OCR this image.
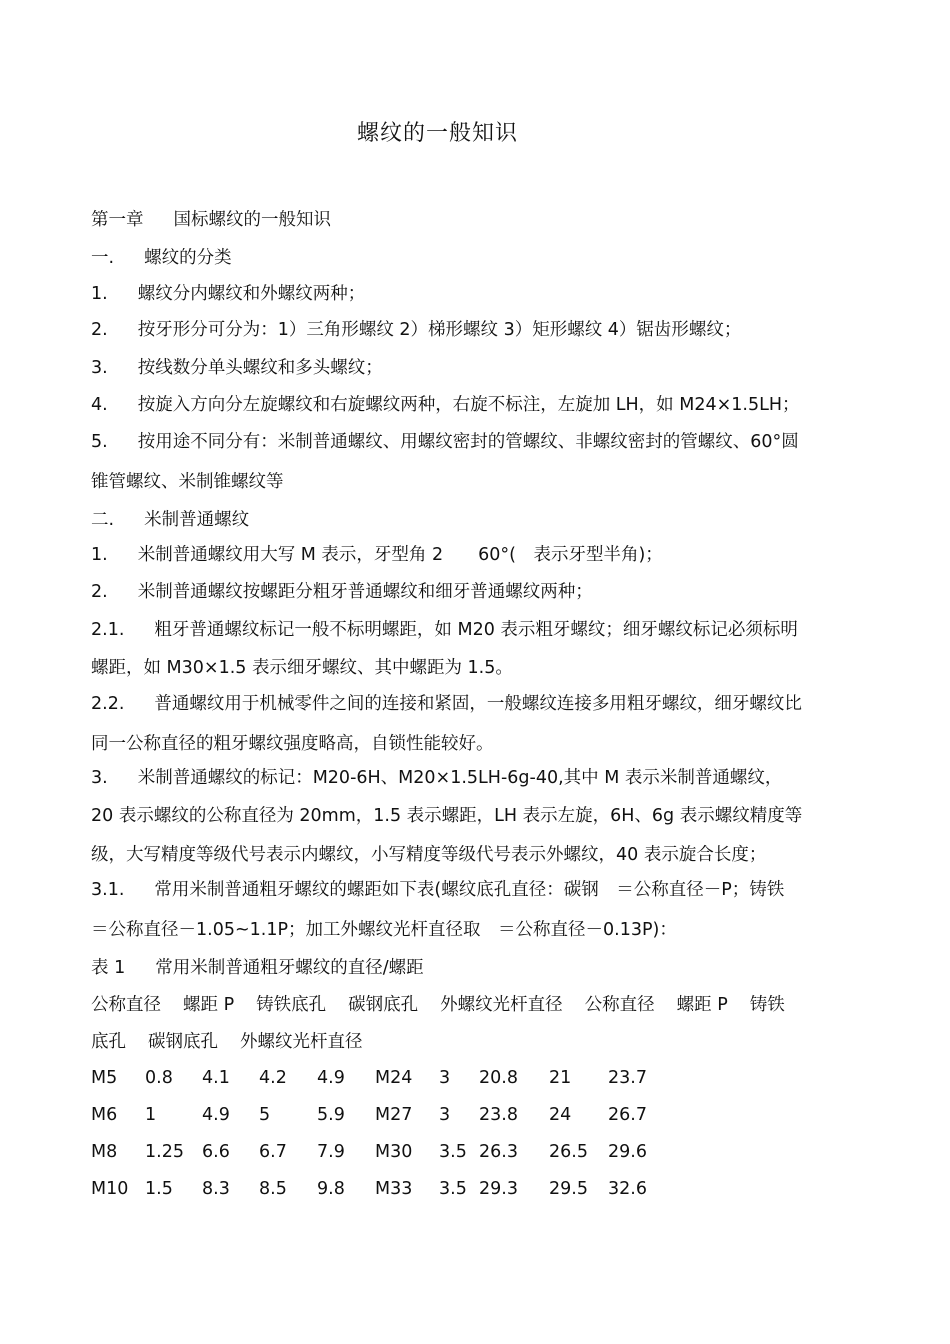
螺纹的一般知识
第一章 国标螺纹的一般知识
一. 螺纹的分类
1. 螺纹分内螺纹和外螺纹两种；
2. 按牙形分可分为：1）三角形螺纹 2）梯形螺纹 3）矩形螺纹 4）锯齿形螺纹；
3. 按线数分单头螺纹和多头螺纹；
4. 按旋入方向分左旋螺纹和右旋螺纹两种，右旋不标注，左旋加 LH，如 M24×1.5LH；
5. 按用途不同分有：米制普通螺纹、用螺纹密封的管螺纹、非螺纹密封的管螺纹、60°圆
锥管螺纹、米制锥螺纹等
二. 米制普通螺纹
1. 米制普通螺纹用大写 M 表示，牙型角 2　　60°(　表示牙型半角)；
2. 米制普通螺纹按螺距分粗牙普通螺纹和细牙普通螺纹两种；
2.1. 粗牙普通螺纹标记一般不标明螺距，如 M20 表示粗牙螺纹；细牙螺纹标记必须标明
螺距，如 M30×1.5 表示细牙螺纹、其中螺距为 1.5。
2.2. 普通螺纹用于机械零件之间的连接和紧固，一般螺纹连接多用粗牙螺纹，细牙螺纹比
同一公称直径的粗牙螺纹强度略高，自锁性能较好。
3. 米制普通螺纹的标记：M20-6H、M20×1.5LH-6g-40,其中 M 表示米制普通螺纹，
20 表示螺纹的公称直径为 20mm，1.5 表示螺距，LH 表示左旋，6H、6g 表示螺纹精度等
级，大写精度等级代号表示内螺纹，小写精度等级代号表示外螺纹，40 表示旋合长度；
3.1. 常用米制普通粗牙螺纹的螺距如下表(螺纹底孔直径：碳钢　＝公称直径－P；铸铁
＝公称直径－1.05~1.1P；加工外螺纹光杆直径取　＝公称直径－0.13P)：
表 1 常用米制普通粗牙螺纹的直径/螺距
公称直径 螺距 P 铸铁底孔 碳钢底孔 外螺纹光杆直径 公称直径 螺距 P 铸铁
底孔 碳钢底孔 外螺纹光杆直径
M5 0.8 4.1 4.2 4.9 M24 3 20.8 21 23.7
M6 1	4.9 5	5.9 M27 3 23.8 24 26.7
M8 1.25 6.6 6.7 7.9 M30 3.5 26.3 26.5 29.6
M10 1.5 8.3 8.5 9.8 M33 3.5 29.3 29.5 32.6
